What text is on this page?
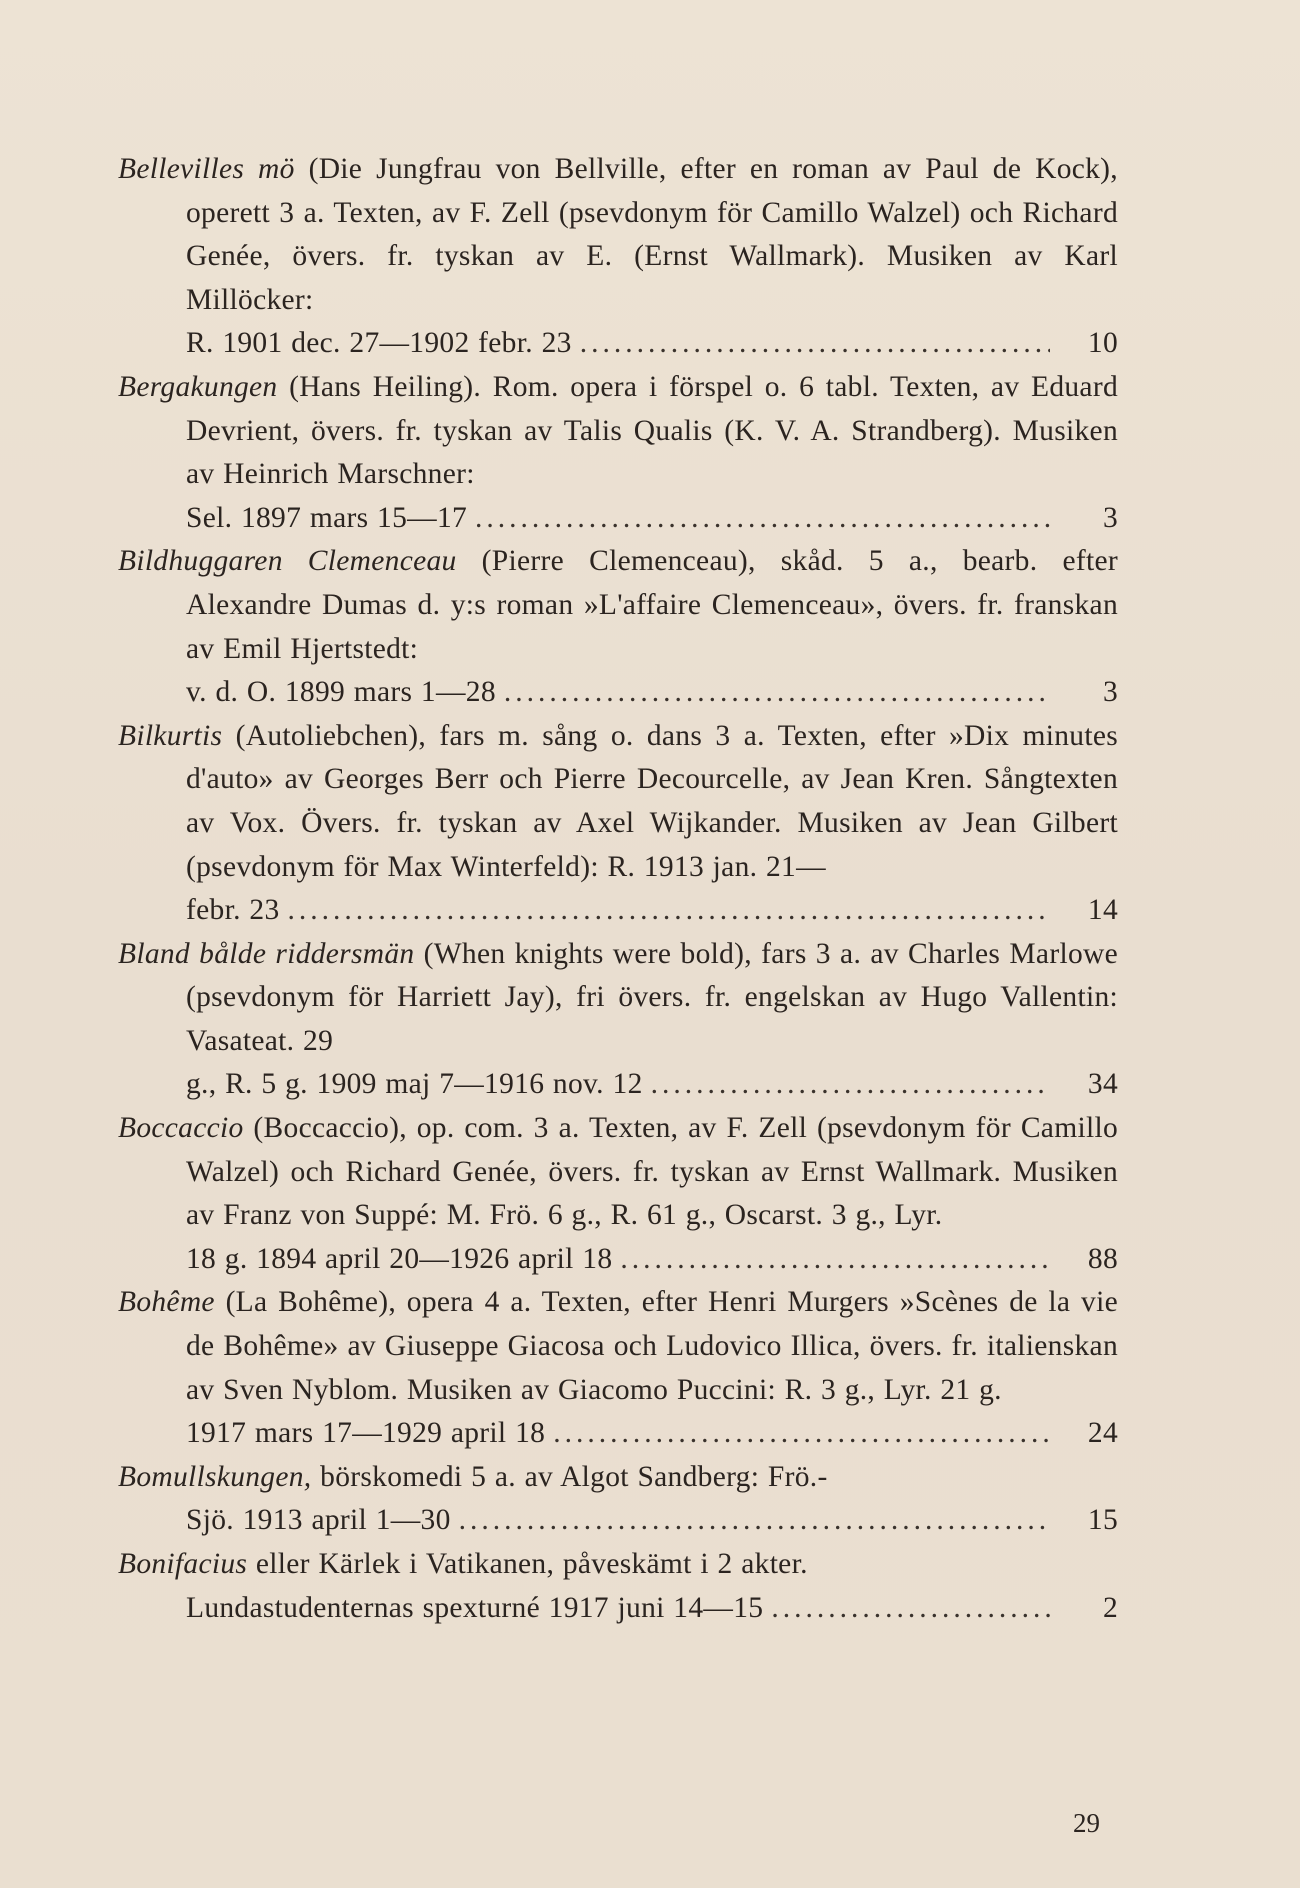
Bellevilles mö (Die Jungfrau von Bellville, efter en roman av Paul de Kock), operett 3 a. Texten, av F. Zell (psevdonym för Camillo Walzel) och Richard Genée, övers. fr. tyskan av E. (Ernst Wallmark). Musiken av Karl Millöcker:
R. 1901 dec. 27—1902 febr. 23 .....	10
Bergakungen (Hans Heiling). Rom. opera i förspel o. 6 tabl. Texten, av Eduard Devrient, övers. fr. tyskan av Talis Qualis (K. V. A. Strandberg). Musiken av Heinrich Marschner:
Sel. 1897 mars 15—17 .....	3
Bildhuggaren Clemenceau (Pierre Clemenceau), skåd. 5 a., bearb. efter Alexandre Dumas d. y:s roman »L'affaire Clemenceau», övers. fr. franskan av Emil Hjertstedt:
v. d. O. 1899 mars 1—28 .....	3
Bilkurtis (Autoliebchen), fars m. sång o. dans 3 a. Texten, efter »Dix minutes d'auto» av Georges Berr och Pierre Decourcelle, av Jean Kren. Sångtexten av Vox. Övers. fr. tyskan av Axel Wijkander. Musiken av Jean Gilbert (psevdonym för Max Winterfeld): R. 1913 jan. 21—
febr. 23 .....	14
Bland bålde riddersmän (When knights were bold), fars 3 a. av Charles Marlowe (psevdonym för Harriett Jay), fri övers. fr. engelskan av Hugo Vallentin: Vasateat. 29
g., R. 5 g. 1909 maj 7—1916 nov. 12 .....	34
Boccaccio (Boccaccio), op. com. 3 a. Texten, av F. Zell (psevdonym för Camillo Walzel) och Richard Genée, övers. fr. tyskan av Ernst Wallmark. Musiken av Franz von Suppé: M. Frö. 6 g., R. 61 g., Oscarst. 3 g., Lyr.
18 g. 1894 april 20—1926 april 18 .....	88
Bohême (La Bohême), opera 4 a. Texten, efter Henri Murgers »Scènes de la vie de Bohême» av Giuseppe Giacosa och Ludovico Illica, övers. fr. italienskan av Sven Nyblom. Musiken av Giacomo Puccini: R. 3 g., Lyr. 21 g.
1917 mars 17—1929 april 18 .....	24
Bomullskungen, börskomedi 5 a. av Algot Sandberg: Frö.-
Sjö. 1913 april 1—30 .....	15
Bonifacius eller Kärlek i Vatikanen, påveskämt i 2 akter.
Lundastudenternas spexturné 1917 juni 14—15 .....	2
29
